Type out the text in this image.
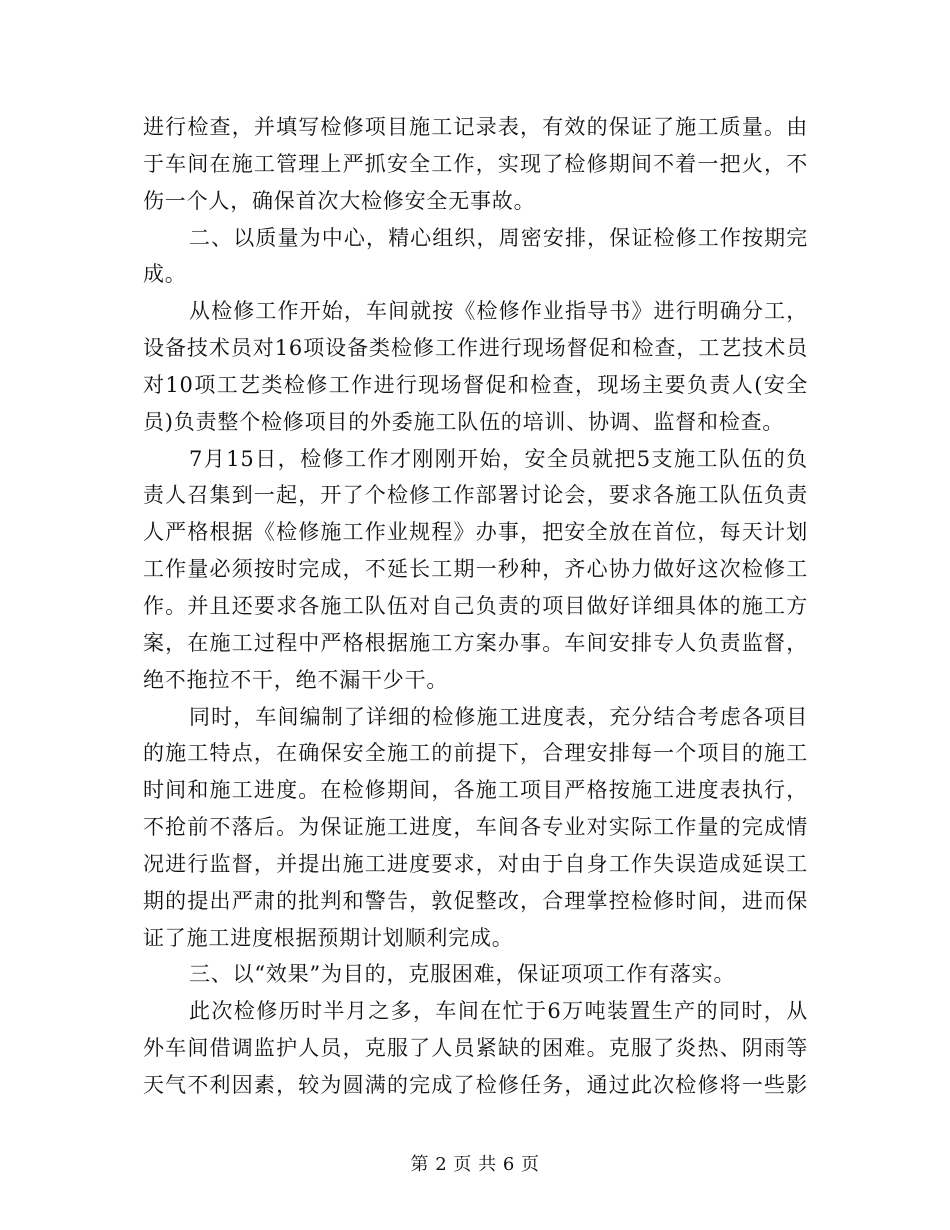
进行检查，并填写检修项目施工记录表，有效的保证了施工质量。由
于车间在施工管理上严抓安全工作，实现了检修期间不着一把火，不
伤一个人，确保首次大检修安全无事故。
二、以质量为中心，精心组织，周密安排，保证检修工作按期完
成。
从检修工作开始，车间就按《检修作业指导书》进行明确分工，
设备技术员对16项设备类检修工作进行现场督促和检查，工艺技术员
对10项工艺类检修工作进行现场督促和检查，现场主要负责人(安全
员)负责整个检修项目的外委施工队伍的培训、协调、监督和检查。
7月15日，检修工作才刚刚开始，安全员就把5支施工队伍的负
责人召集到一起，开了个检修工作部署讨论会，要求各施工队伍负责
人严格根据《检修施工作业规程》办事，把安全放在首位，每天计划
工作量必须按时完成，不延长工期一秒种，齐心协力做好这次检修工
作。并且还要求各施工队伍对自己负责的项目做好详细具体的施工方
案，在施工过程中严格根据施工方案办事。车间安排专人负责监督，
绝不拖拉不干，绝不漏干少干。
同时，车间编制了详细的检修施工进度表，充分结合考虑各项目
的施工特点，在确保安全施工的前提下，合理安排每一个项目的施工
时间和施工进度。在检修期间，各施工项目严格按施工进度表执行，
不抢前不落后。为保证施工进度，车间各专业对实际工作量的完成情
况进行监督，并提出施工进度要求，对由于自身工作失误造成延误工
期的提出严肃的批判和警告，敦促整改，合理掌控检修时间，进而保
证了施工进度根据预期计划顺利完成。
三、以“效果”为目的，克服困难，保证项项工作有落实。
此次检修历时半月之多，车间在忙于6万吨装置生产的同时，从
外车间借调监护人员，克服了人员紧缺的困难。克服了炎热、阴雨等
天气不利因素，较为圆满的完成了检修任务，通过此次检修将一些影
第 2 页 共 6 页
